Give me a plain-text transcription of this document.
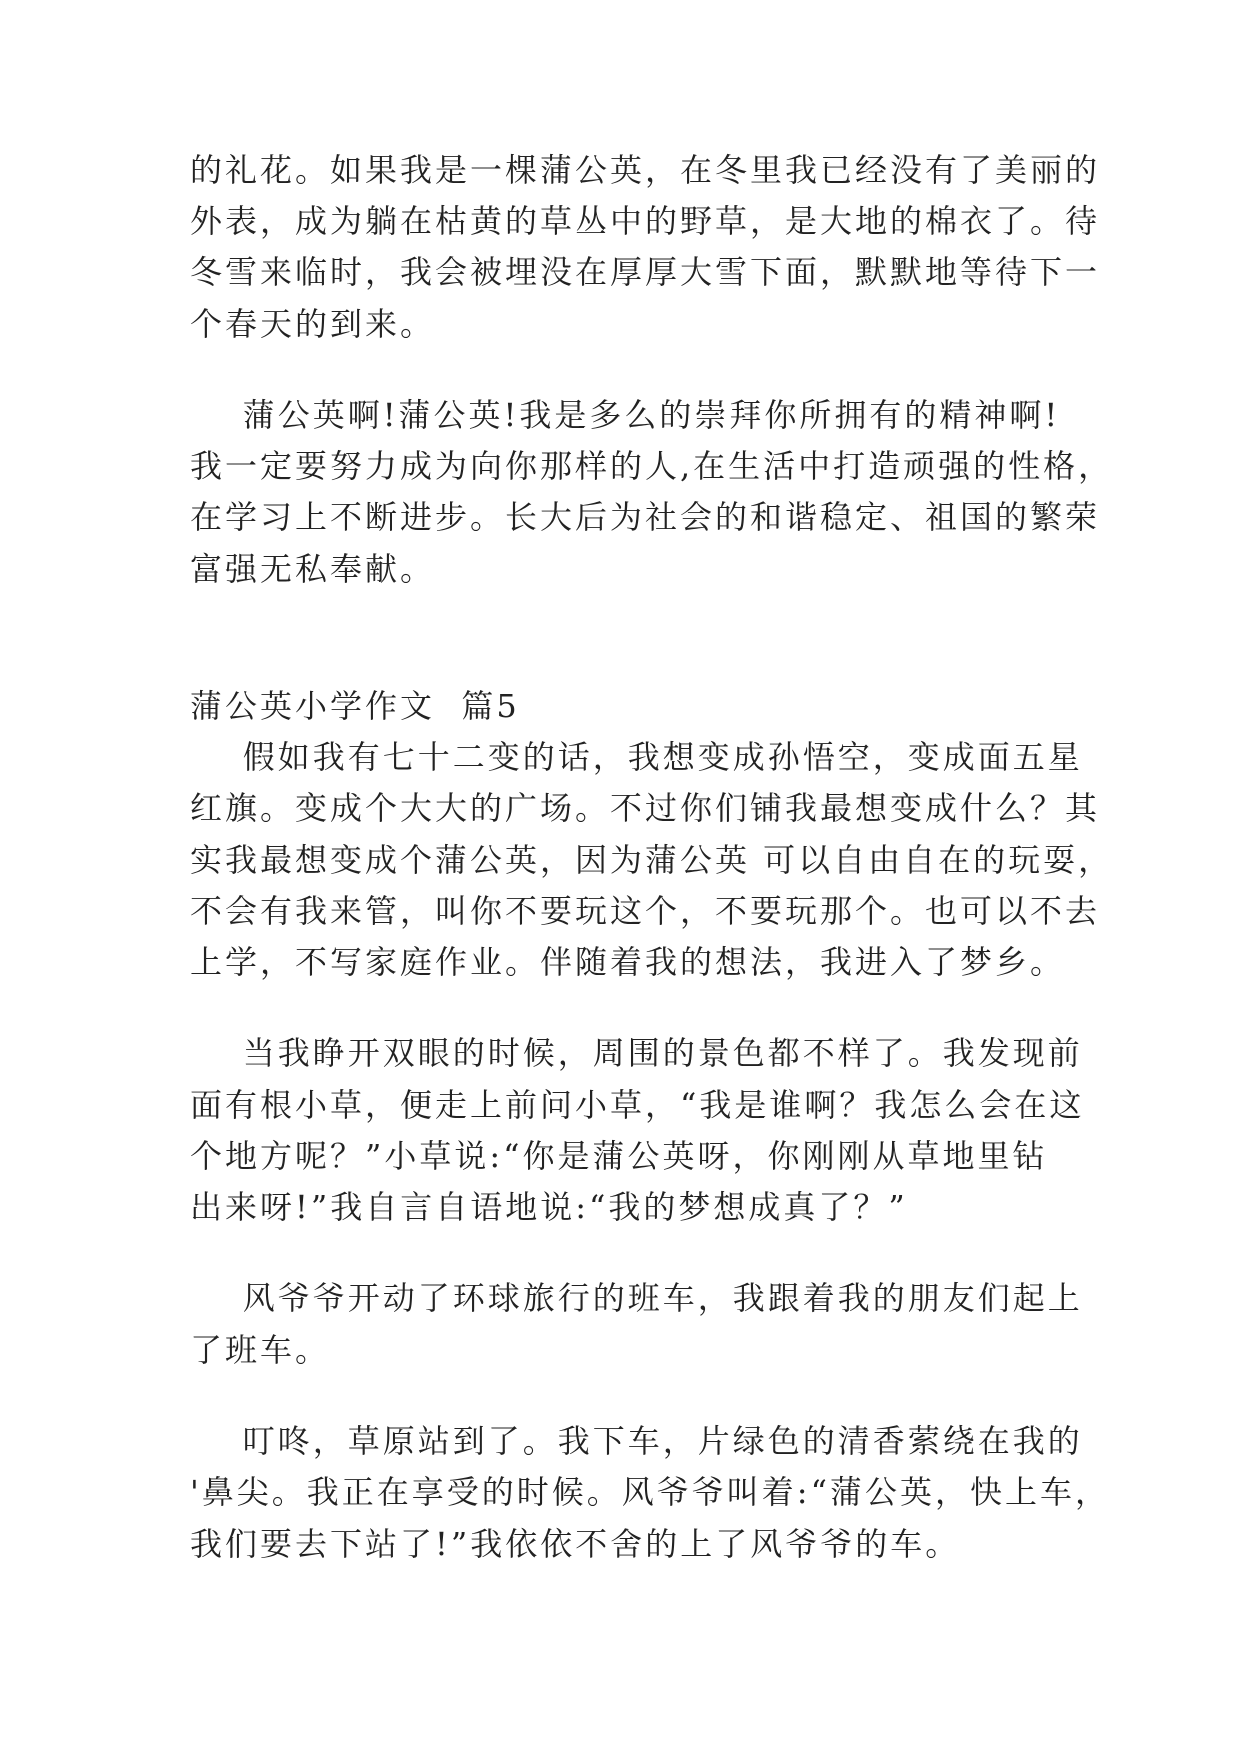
的礼花。如果我是一棵蒲公英，在冬里我已经没有了美丽的
外表，成为躺在枯黄的草丛中的野草，是大地的棉衣了。待
冬雪来临时，我会被埋没在厚厚大雪下面，默默地等待下一
个春天的到来。
蒲公英啊!蒲公英!我是多么的崇拜你所拥有的精神啊!
我一定要努力成为向你那样的人,在生活中打造顽强的性格，
在学习上不断进步。长大后为社会的和谐稳定、祖国的繁荣
富强无私奉献。
蒲公英小学作文  篇5
假如我有七十二变的话，我想变成孙悟空，变成面五星
红旗。变成个大大的广场。不过你们铺我最想变成什么？其
实我最想变成个蒲公英，因为蒲公英 可以自由自在的玩耍，
不会有我来管，叫你不要玩这个，不要玩那个。也可以不去
上学，不写家庭作业。伴随着我的想法，我进入了梦乡。
当我睁开双眼的时候，周围的景色都不样了。我发现前
面有根小草，便走上前问小草，“我是谁啊？我怎么会在这
个地方呢？”小草说:“你是蒲公英呀，你刚刚从草地里钻
出来呀!”我自言自语地说:“我的梦想成真了？”
风爷爷开动了环球旅行的班车，我跟着我的朋友们起上
了班车。
叮咚，草原站到了。我下车，片绿色的清香萦绕在我的
'鼻尖。我正在享受的时候。风爷爷叫着:“蒲公英，快上车，
我们要去下站了!”我依依不舍的上了风爷爷的车。
